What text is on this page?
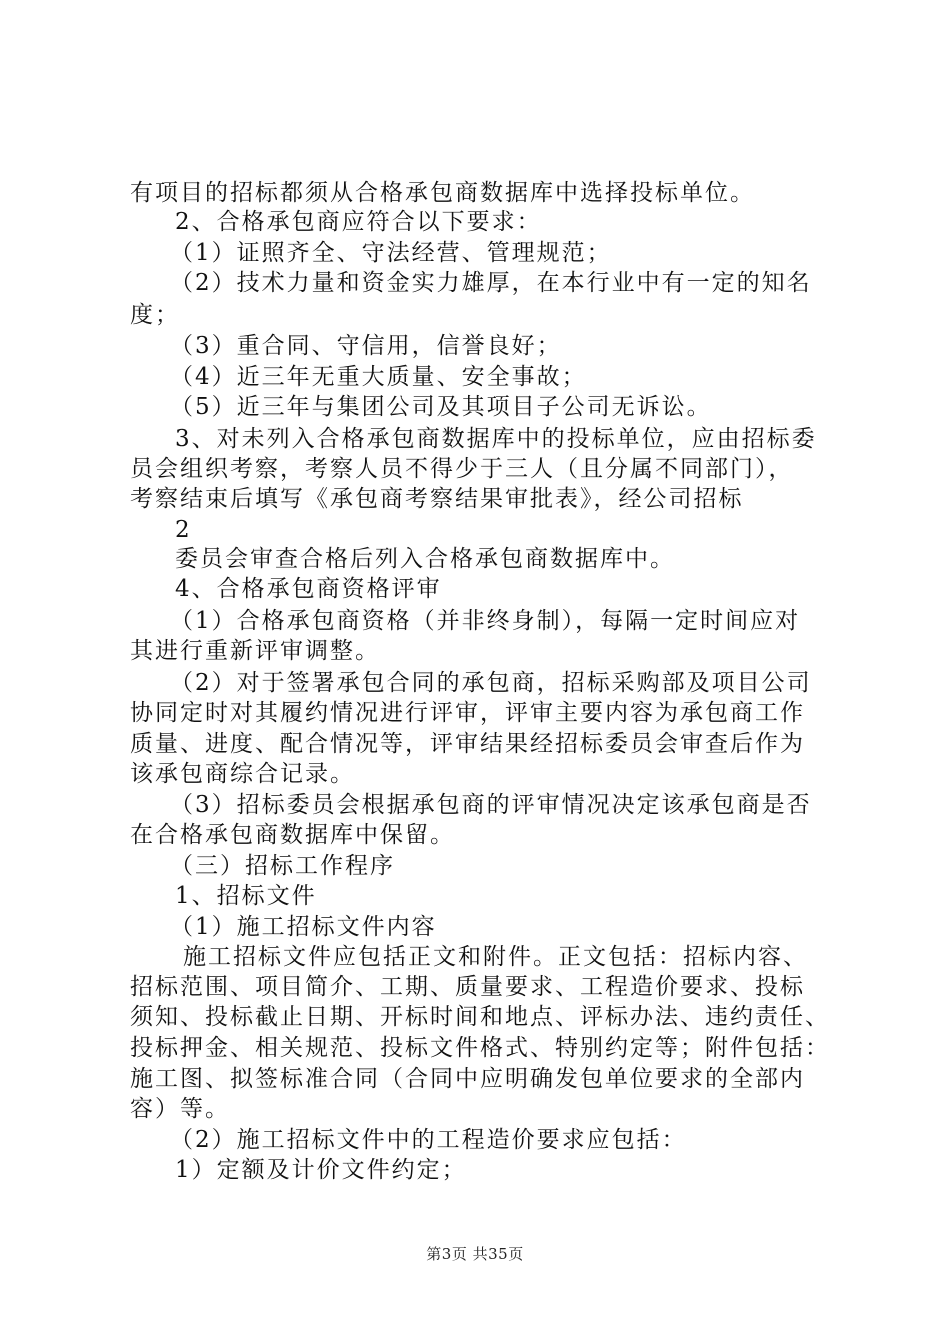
有项目的招标都须从合格承包商数据库中选择投标单位。
2、合格承包商应符合以下要求：
（1）证照齐全、守法经营、管理规范；
（2）技术力量和资金实力雄厚，在本行业中有一定的知名
度；
（3）重合同、守信用，信誉良好；
（4）近三年无重大质量、安全事故；
（5）近三年与集团公司及其项目子公司无诉讼。
3、对未列入合格承包商数据库中的投标单位，应由招标委
员会组织考察，考察人员不得少于三人（且分属不同部门），
考察结束后填写《承包商考察结果审批表》，经公司招标
2
委员会审查合格后列入合格承包商数据库中。
4、合格承包商资格评审
（1）合格承包商资格（并非终身制），每隔一定时间应对
其进行重新评审调整。
（2）对于签署承包合同的承包商，招标采购部及项目公司
协同定时对其履约情况进行评审，评审主要内容为承包商工作
质量、进度、配合情况等，评审结果经招标委员会审查后作为
该承包商综合记录。
（3）招标委员会根据承包商的评审情况决定该承包商是否
在合格承包商数据库中保留。
（三）招标工作程序
1、招标文件
（1）施工招标文件内容
施工招标文件应包括正文和附件。正文包括：招标内容、
招标范围、项目简介、工期、质量要求、工程造价要求、投标
须知、投标截止日期、开标时间和地点、评标办法、违约责任、
投标押金、相关规范、投标文件格式、特别约定等；附件包括：
施工图、拟签标准合同（合同中应明确发包单位要求的全部内
容）等。
（2）施工招标文件中的工程造价要求应包括：
1）定额及计价文件约定；
第3页 共35页
